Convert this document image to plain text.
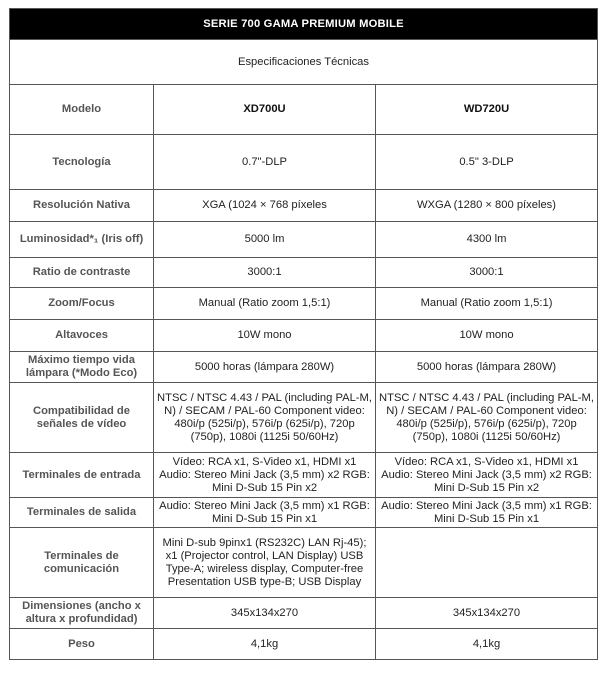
SERIE 700 GAMA PREMIUM MOBILE		
Especificaciones Técnicas		
Modelo	XD700U	WD720U
Tecnología	0.7"-DLP	0.5" 3-DLP
Resolución Nativa	XGA (1024 × 768 píxeles	WXGA (1280 × 800 píxeles)
Luminosidad*₁ (Iris off)	5000 lm	4300 lm
Ratio de contraste	3000:1	3000:1
Zoom/Focus	Manual (Ratio zoom 1,5:1)	Manual (Ratio zoom 1,5:1)
Altavoces	10W mono	10W mono
Máximo tiempo vida lámpara (*Modo Eco)	5000 horas (lámpara 280W)	5000 horas (lámpara 280W)
Compatibilidad de señales de vídeo	NTSC / NTSC 4.43 / PAL (including PAL-M, N) / SECAM / PAL-60 Component video: 480i/p (525i/p), 576i/p (625i/p), 720p (750p), 1080i (1125i 50/60Hz)	NTSC / NTSC 4.43 / PAL (including PAL-M, N) / SECAM / PAL-60 Component video: 480i/p (525i/p), 576i/p (625i/p), 720p (750p), 1080i (1125i 50/60Hz)
Terminales de entrada	Vídeo: RCA x1, S-Video x1, HDMI x1 Audio: Stereo Mini Jack (3,5 mm) x2 RGB: Mini D-Sub 15 Pin x2	Vídeo: RCA x1, S-Video x1, HDMI x1 Audio: Stereo Mini Jack (3,5 mm) x2 RGB: Mini D-Sub 15 Pin x2
Terminales de salida	Audio: Stereo Mini Jack (3,5 mm) x1 RGB: Mini D-Sub 15 Pin x1	Audio: Stereo Mini Jack (3,5 mm) x1 RGB: Mini D-Sub 15 Pin x1
Terminales de comunicación	Mini D-sub 9pinx1 (RS232C) LAN Rj-45); x1 (Projector control, LAN Display) USB Type-A; wireless display, Computer-free Presentation USB type-B; USB Display	
Dimensiones (ancho x altura x profundidad)	345x134x270	345x134x270
Peso	4,1kg	4,1kg
